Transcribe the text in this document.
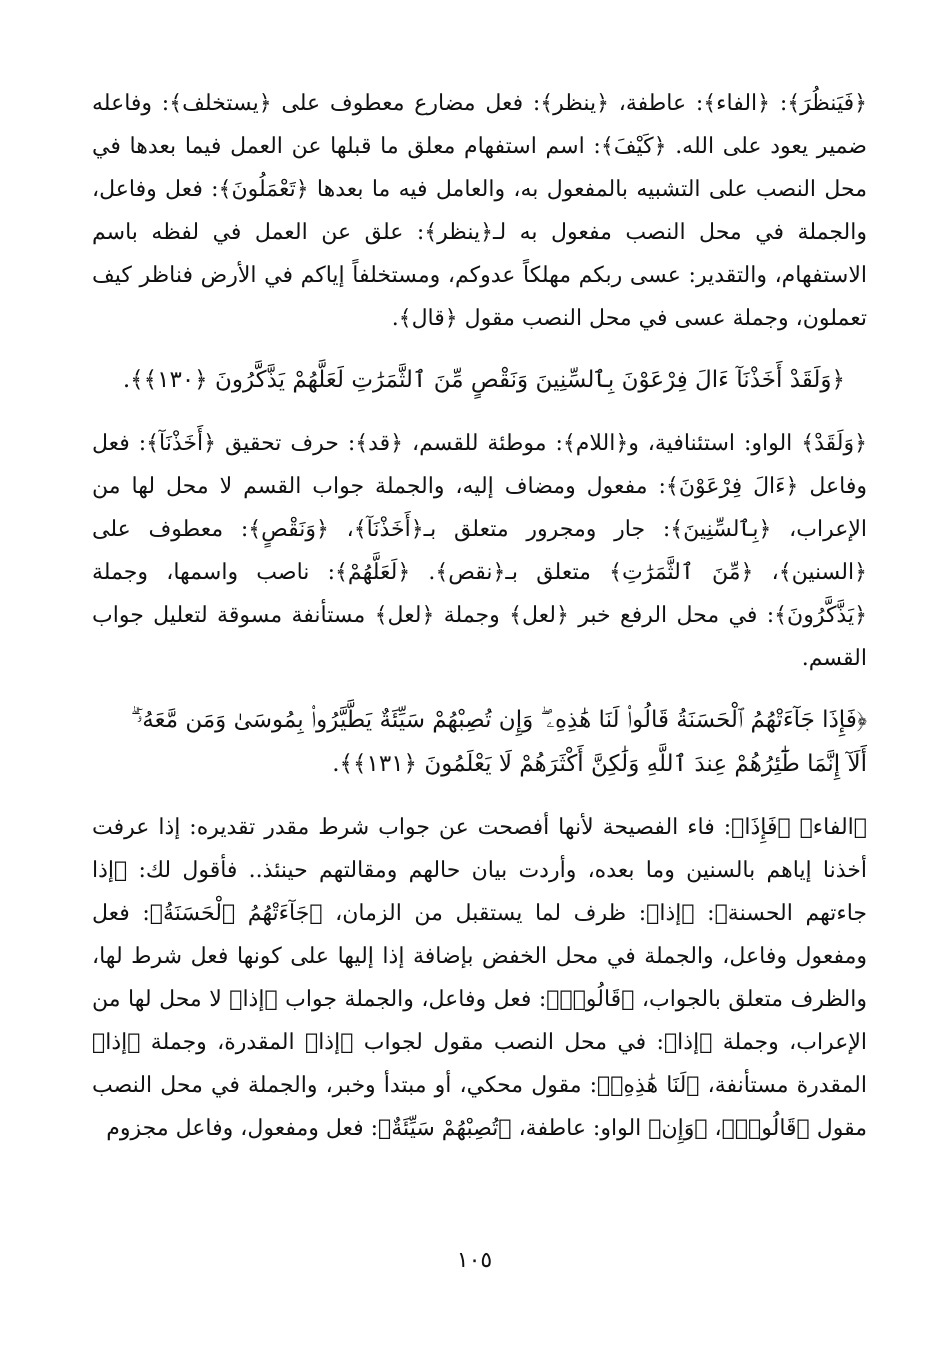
﴿فَيَنظُرَ﴾: ﴿الفاء﴾: عاطفة، ﴿ينظر﴾: فعل مضارع معطوف على ﴿يستخلف﴾: وفاعله ضمير يعود على الله. ﴿كَيْفَ﴾: اسم استفهام معلق ما قبلها عن العمل فيما بعدها في محل النصب على التشبيه بالمفعول به، والعامل فيه ما بعدها ﴿تَعْمَلُونَ﴾: فعل وفاعل، والجملة في محل النصب مفعول به لـ﴿ينظر﴾: علق عن العمل في لفظه باسم الاستفهام، والتقدير: عسى ربكم مهلكاً عدوكم، ومستخلفاً إياكم في الأرض فناظر كيف تعملون، وجملة عسى في محل النصب مقول ﴿قال﴾.

﴿وَلَقَدْ أَخَذْنَآ ءَالَ فِرْعَوْنَ بِٱلسِّنِينَ وَنَقْصٍ مِّنَ ٱلثَّمَرَٰتِ لَعَلَّهُمْ يَذَّكَّرُونَ ﴿١٣٠﴾﴾.

﴿وَلَقَدْ﴾ الواو: استئنافية، و﴿اللام﴾: موطئة للقسم، ﴿قد﴾: حرف تحقيق ﴿أَخَذْنَآ﴾: فعل وفاعل ﴿ءَالَ فِرْعَوْنَ﴾: مفعول ومضاف إليه، والجملة جواب القسم لا محل لها من الإعراب، ﴿بِٱلسِّنِينَ﴾: جار ومجرور متعلق بـ﴿أَخَذْنَآ﴾، ﴿وَنَقْصٍ﴾: معطوف على ﴿السنين﴾، ﴿مِّنَ ٱلثَّمَرَٰتِ﴾ متعلق بـ﴿نقص﴾. ﴿لَعَلَّهُمْ﴾: ناصب واسمها، وجملة ﴿يَذَّكَّرُونَ﴾: في محل الرفع خبر ﴿لعل﴾ وجملة ﴿لعل﴾ مستأنفة مسوقة لتعليل جواب القسم.

﴿فَإِذَا جَآءَتْهُمُ ٱلْحَسَنَةُ قَالُوا۟ لَنَا هَٰذِهِۦ ۖ وَإِن تُصِبْهُمْ سَيِّئَةٌ يَطَّيَّرُوا۟ بِمُوسَىٰ وَمَن مَّعَهُۥٓ ۗ
أَلَآ إِنَّمَا طَٰٓئِرُهُمْ عِندَ ٱللَّهِ وَلَٰكِنَّ أَكْثَرَهُمْ لَا يَعْلَمُونَ ﴿١٣١﴾﴾.

﴿الفاء﴾ ﴿فَإِذَا﴾: فاء الفصيحة لأنها أفصحت عن جواب شرط مقدر تقديره: إذا عرفت أخذنا إياهم بالسنين وما بعده، وأردت بيان حالهم ومقالتهم حينئذ.. فأقول لك: ﴿إذا جاءتهم الحسنة﴾: ﴿إذا﴾: ظرف لما يستقبل من الزمان، ﴿جَآءَتْهُمُ ٱلْحَسَنَةُ﴾: فعل ومفعول وفاعل، والجملة في محل الخفض بإضافة إذا إليها على كونها فعل شرط لها، والظرف متعلق بالجواب، ﴿قَالُوا۟﴾: فعل وفاعل، والجملة جواب ﴿إذا﴾ لا محل لها من الإعراب، وجملة ﴿إذا﴾: في محل النصب مقول لجواب ﴿إذا﴾ المقدرة، وجملة ﴿إذا﴾ المقدرة مستأنفة، ﴿لَنَا هَٰذِهِۦ﴾: مقول محكي، أو مبتدأ وخبر، والجملة في محل النصب مقول ﴿قَالُوا۟﴾، ﴿وَإِن﴾ الواو: عاطفة، ﴿تُصِبْهُمْ سَيِّئَةٌ﴾: فعل ومفعول، وفاعل مجزوم

١٠٥
